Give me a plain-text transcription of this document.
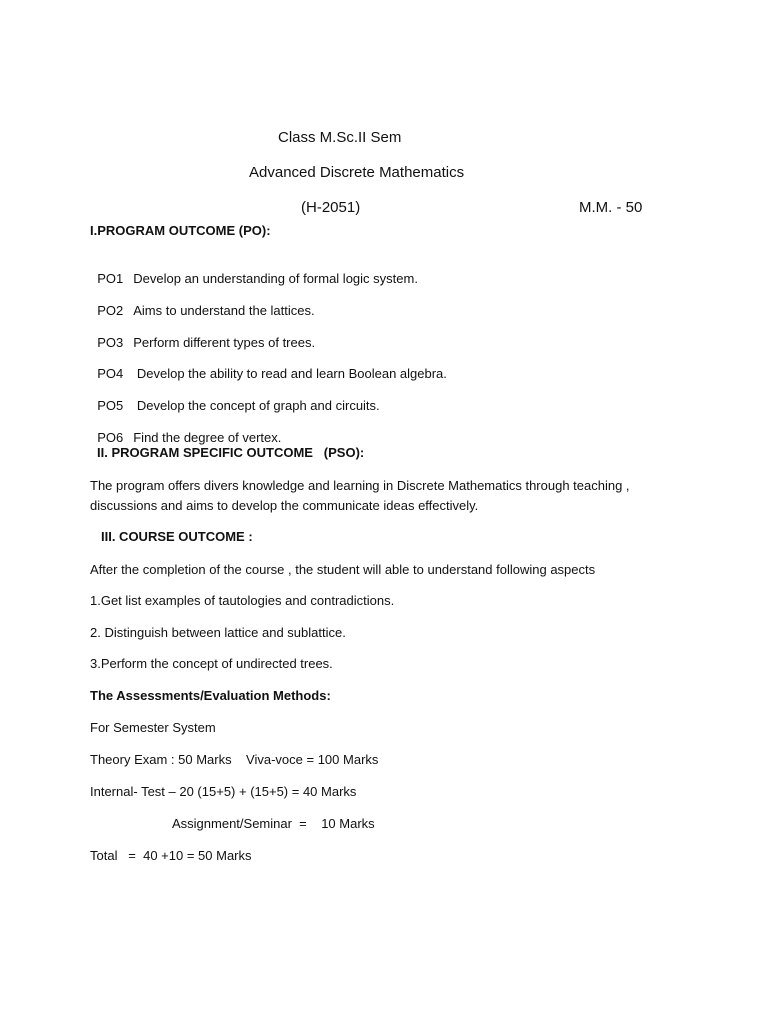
Class M.Sc.II Sem
Advanced Discrete Mathematics
(H-2051)	M.M. - 50
I.PROGRAM OUTCOME (PO):

PO1 Develop an understanding of formal logic system.

PO2 Aims to understand the lattices.

PO3 Perform different types of trees.

PO4 Develop the ability to read and learn Boolean algebra.

PO5 Develop the concept of graph and circuits.

PO6 Find the degree of vertex.

II. PROGRAM SPECIFIC OUTCOME   (PSO):
The program offers divers knowledge and learning in Discrete Mathematics through teaching , discussions and aims to develop the communicate ideas effectively.
III. COURSE OUTCOME :
After the completion of the course , the student will able to understand following aspects
1.Get list examples of tautologies and contradictions.
2. Distinguish between lattice and sublattice.
3.Perform the concept of undirected trees.
The Assessments/Evaluation Methods:
For Semester System
Theory Exam : 50 Marks    Viva-voce = 100 Marks
Internal- Test – 20 (15+5) + (15+5) = 40 Marks
Assignment/Seminar  =    10 Marks
Total   =  40 +10 = 50 Marks
